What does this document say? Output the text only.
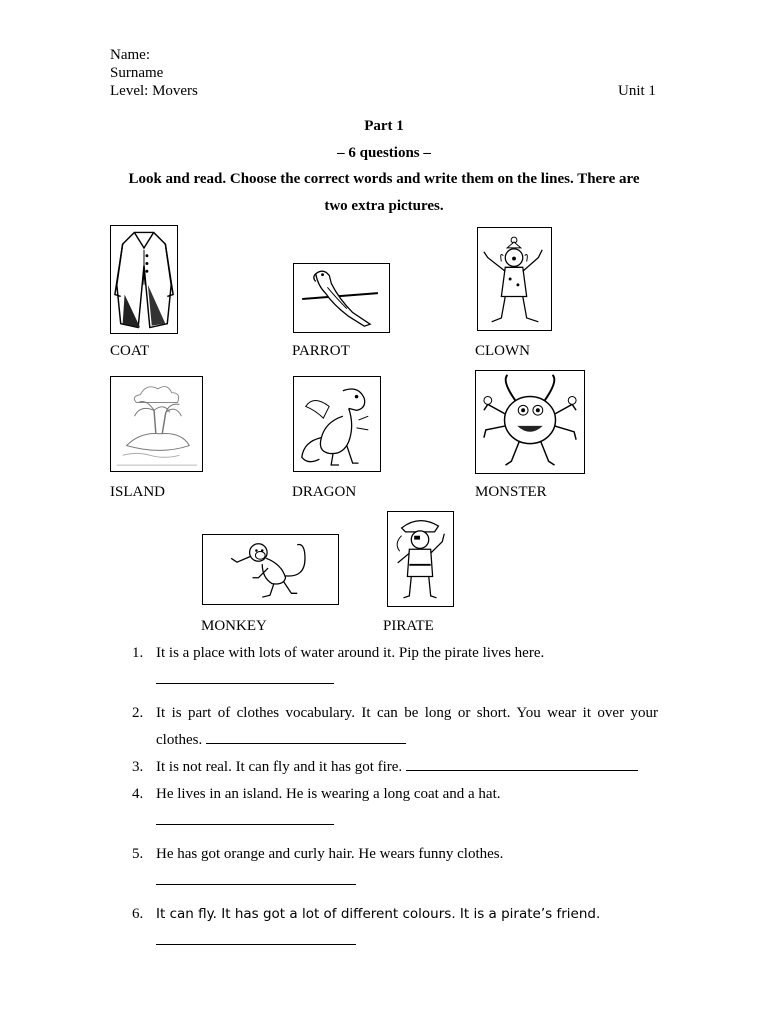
Name:
Surname
Level: Movers	Unit 1
Part 1
– 6 questions –
Look and read. Choose the correct words and write them on the lines. There are
two extra pictures.
COAT	PARROT	CLOWN
ISLAND	DRAGON	MONSTER
MONKEY	PIRATE
1. It is a place with lots of water around it. Pip the pirate lives here.
2. It is part of clothes vocabulary. It can be long or short. You wear it over your clothes.
3. It is not real. It can fly and it has got fire.
4. He lives in an island. He is wearing a long coat and a hat.
5. He has got orange and curly hair. He wears funny clothes.
6. It can fly. It has got a lot of different colours. It is a pirate’s friend.
